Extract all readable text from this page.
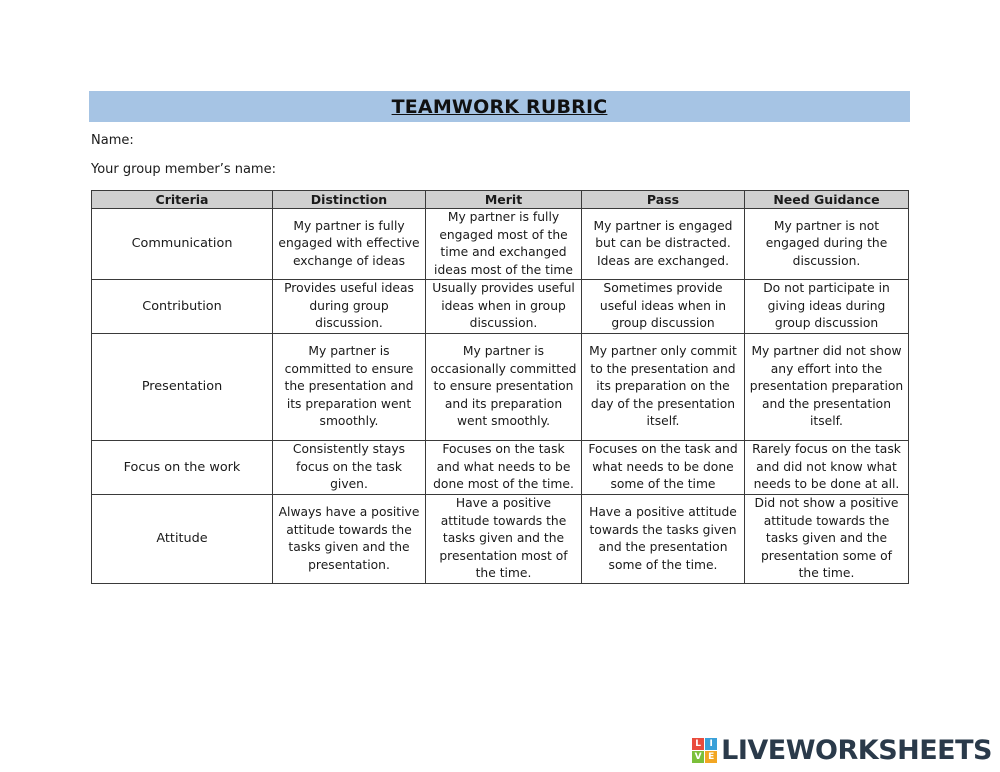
TEAMWORK RUBRIC
Name:
Your group member’s name:
Criteria	Distinction	Merit	Pass	Need Guidance
Communication	My partner is fully engaged with effective exchange of ideas	My partner is fully engaged most of the time and exchanged ideas most of the time	My partner is engaged but can be distracted. Ideas are exchanged.	My partner is not engaged during the discussion.
Contribution	Provides useful ideas during group discussion.	Usually provides useful ideas when in group discussion.	Sometimes provide useful ideas when in group discussion	Do not participate in giving ideas during group discussion
Presentation	My partner is committed to ensure the presentation and its preparation went smoothly.	My partner is occasionally committed to ensure presentation and its preparation went smoothly.	My partner only commit to the presentation and its preparation on the day of the presentation itself.	My partner did not show any effort into the presentation preparation and the presentation itself.
Focus on the work	Consistently stays focus on the task given.	Focuses on the task and what needs to be done most of the time.	Focuses on the task and what needs to be done some of the time	Rarely focus on the task and did not know what needs to be done at all.
Attitude	Always have a positive attitude towards the tasks given and the presentation.	Have a positive attitude towards the tasks given and the presentation most of the time.	Have a positive attitude towards the tasks given and the presentation some of the time.	Did not show a positive attitude towards the tasks given and the presentation some of the time.
L I
V E LIVEWORKSHEETS
